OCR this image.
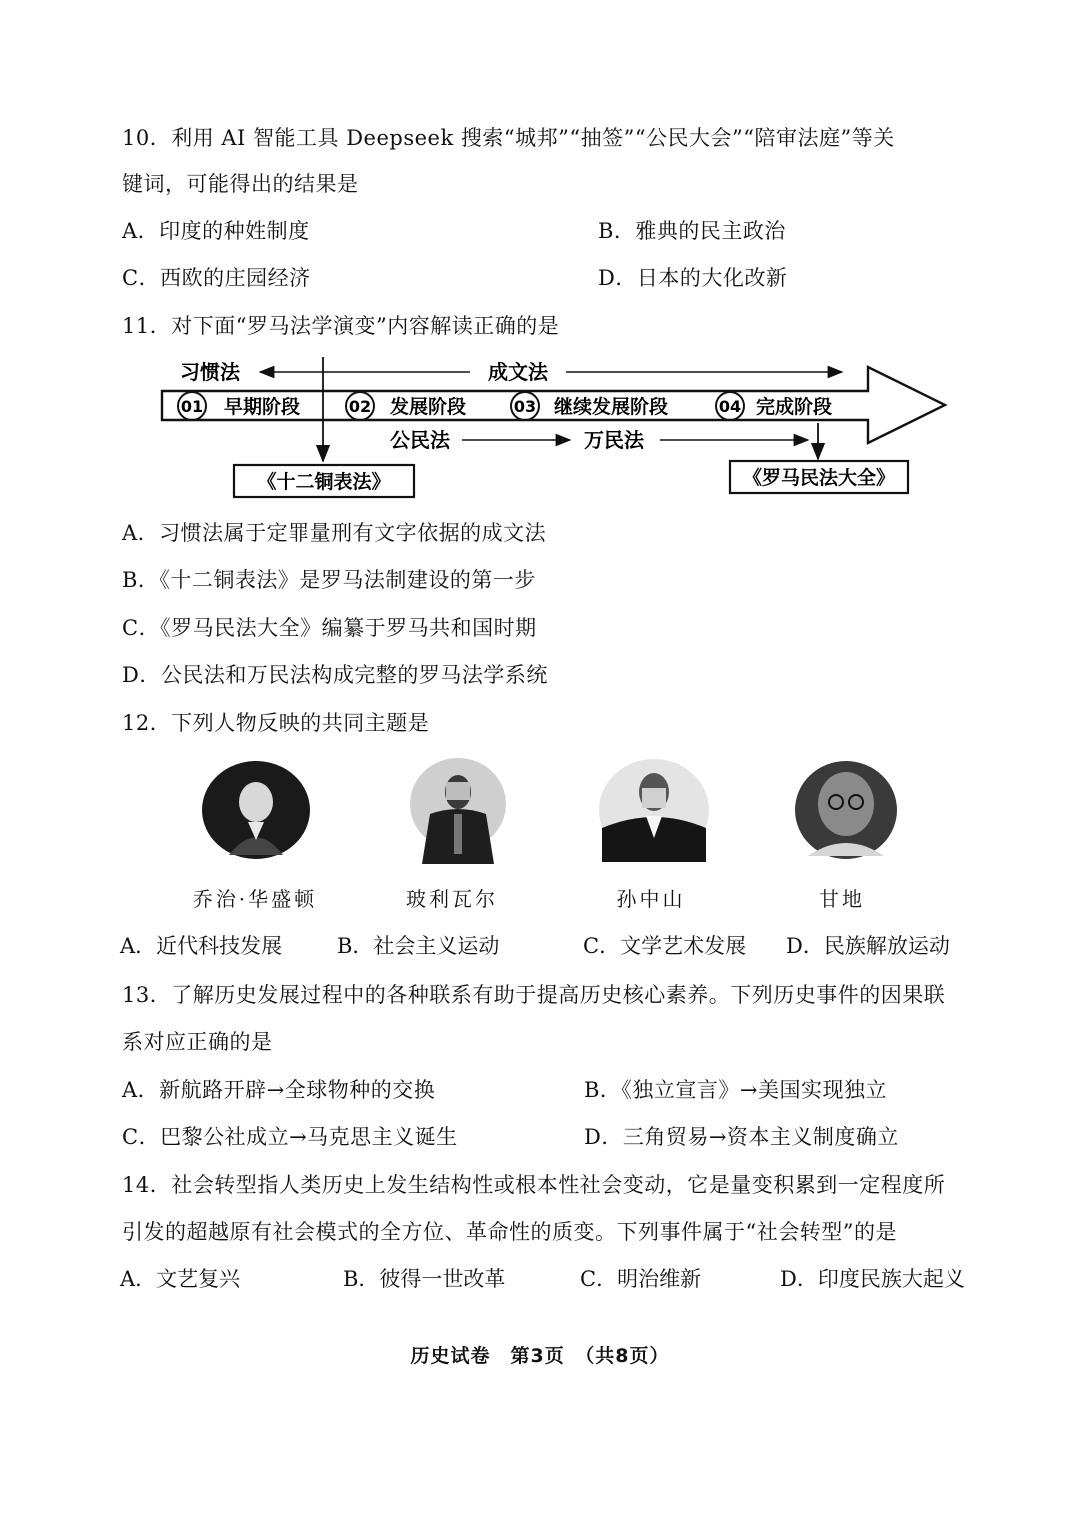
10．利用 AI 智能工具 Deepseek 搜索“城邦”“抽签”“公民大会”“陪审法庭”等关
键词，可能得出的结果是
A．印度的种姓制度	B．雅典的民主政治
C．西欧的庄园经济	D．日本的大化改新
11．对下面“罗马法学演变”内容解读正确的是
习惯法	成文法
01 早期阶段	02 发展阶段	03 继续发展阶段	04 完成阶段
公民法	万民法
《十二铜表法》	《罗马民法大全》
A．习惯法属于定罪量刑有文字依据的成文法
B．《十二铜表法》是罗马法制建设的第一步
C．《罗马民法大全》编纂于罗马共和国时期
D．公民法和万民法构成完整的罗马法学系统
12．下列人物反映的共同主题是
乔治·华盛顿	玻利瓦尔	孙中山	甘地
A．近代科技发展	B．社会主义运动	C．文学艺术发展 D．民族解放运动
13．了解历史发展过程中的各种联系有助于提高历史核心素养。下列历史事件的因果联
系对应正确的是
A．新航路开辟→全球物种的交换	B．《独立宣言》→美国实现独立
C．巴黎公社成立→马克思主义诞生	D．三角贸易→资本主义制度确立
14．社会转型指人类历史上发生结构性或根本性社会变动，它是量变积累到一定程度所
引发的超越原有社会模式的全方位、革命性的质变。下列事件属于“社会转型”的是
A．文艺复兴	B．彼得一世改革	C．明治维新	D．印度民族大起义
历史试卷　第3页　（共8页）
